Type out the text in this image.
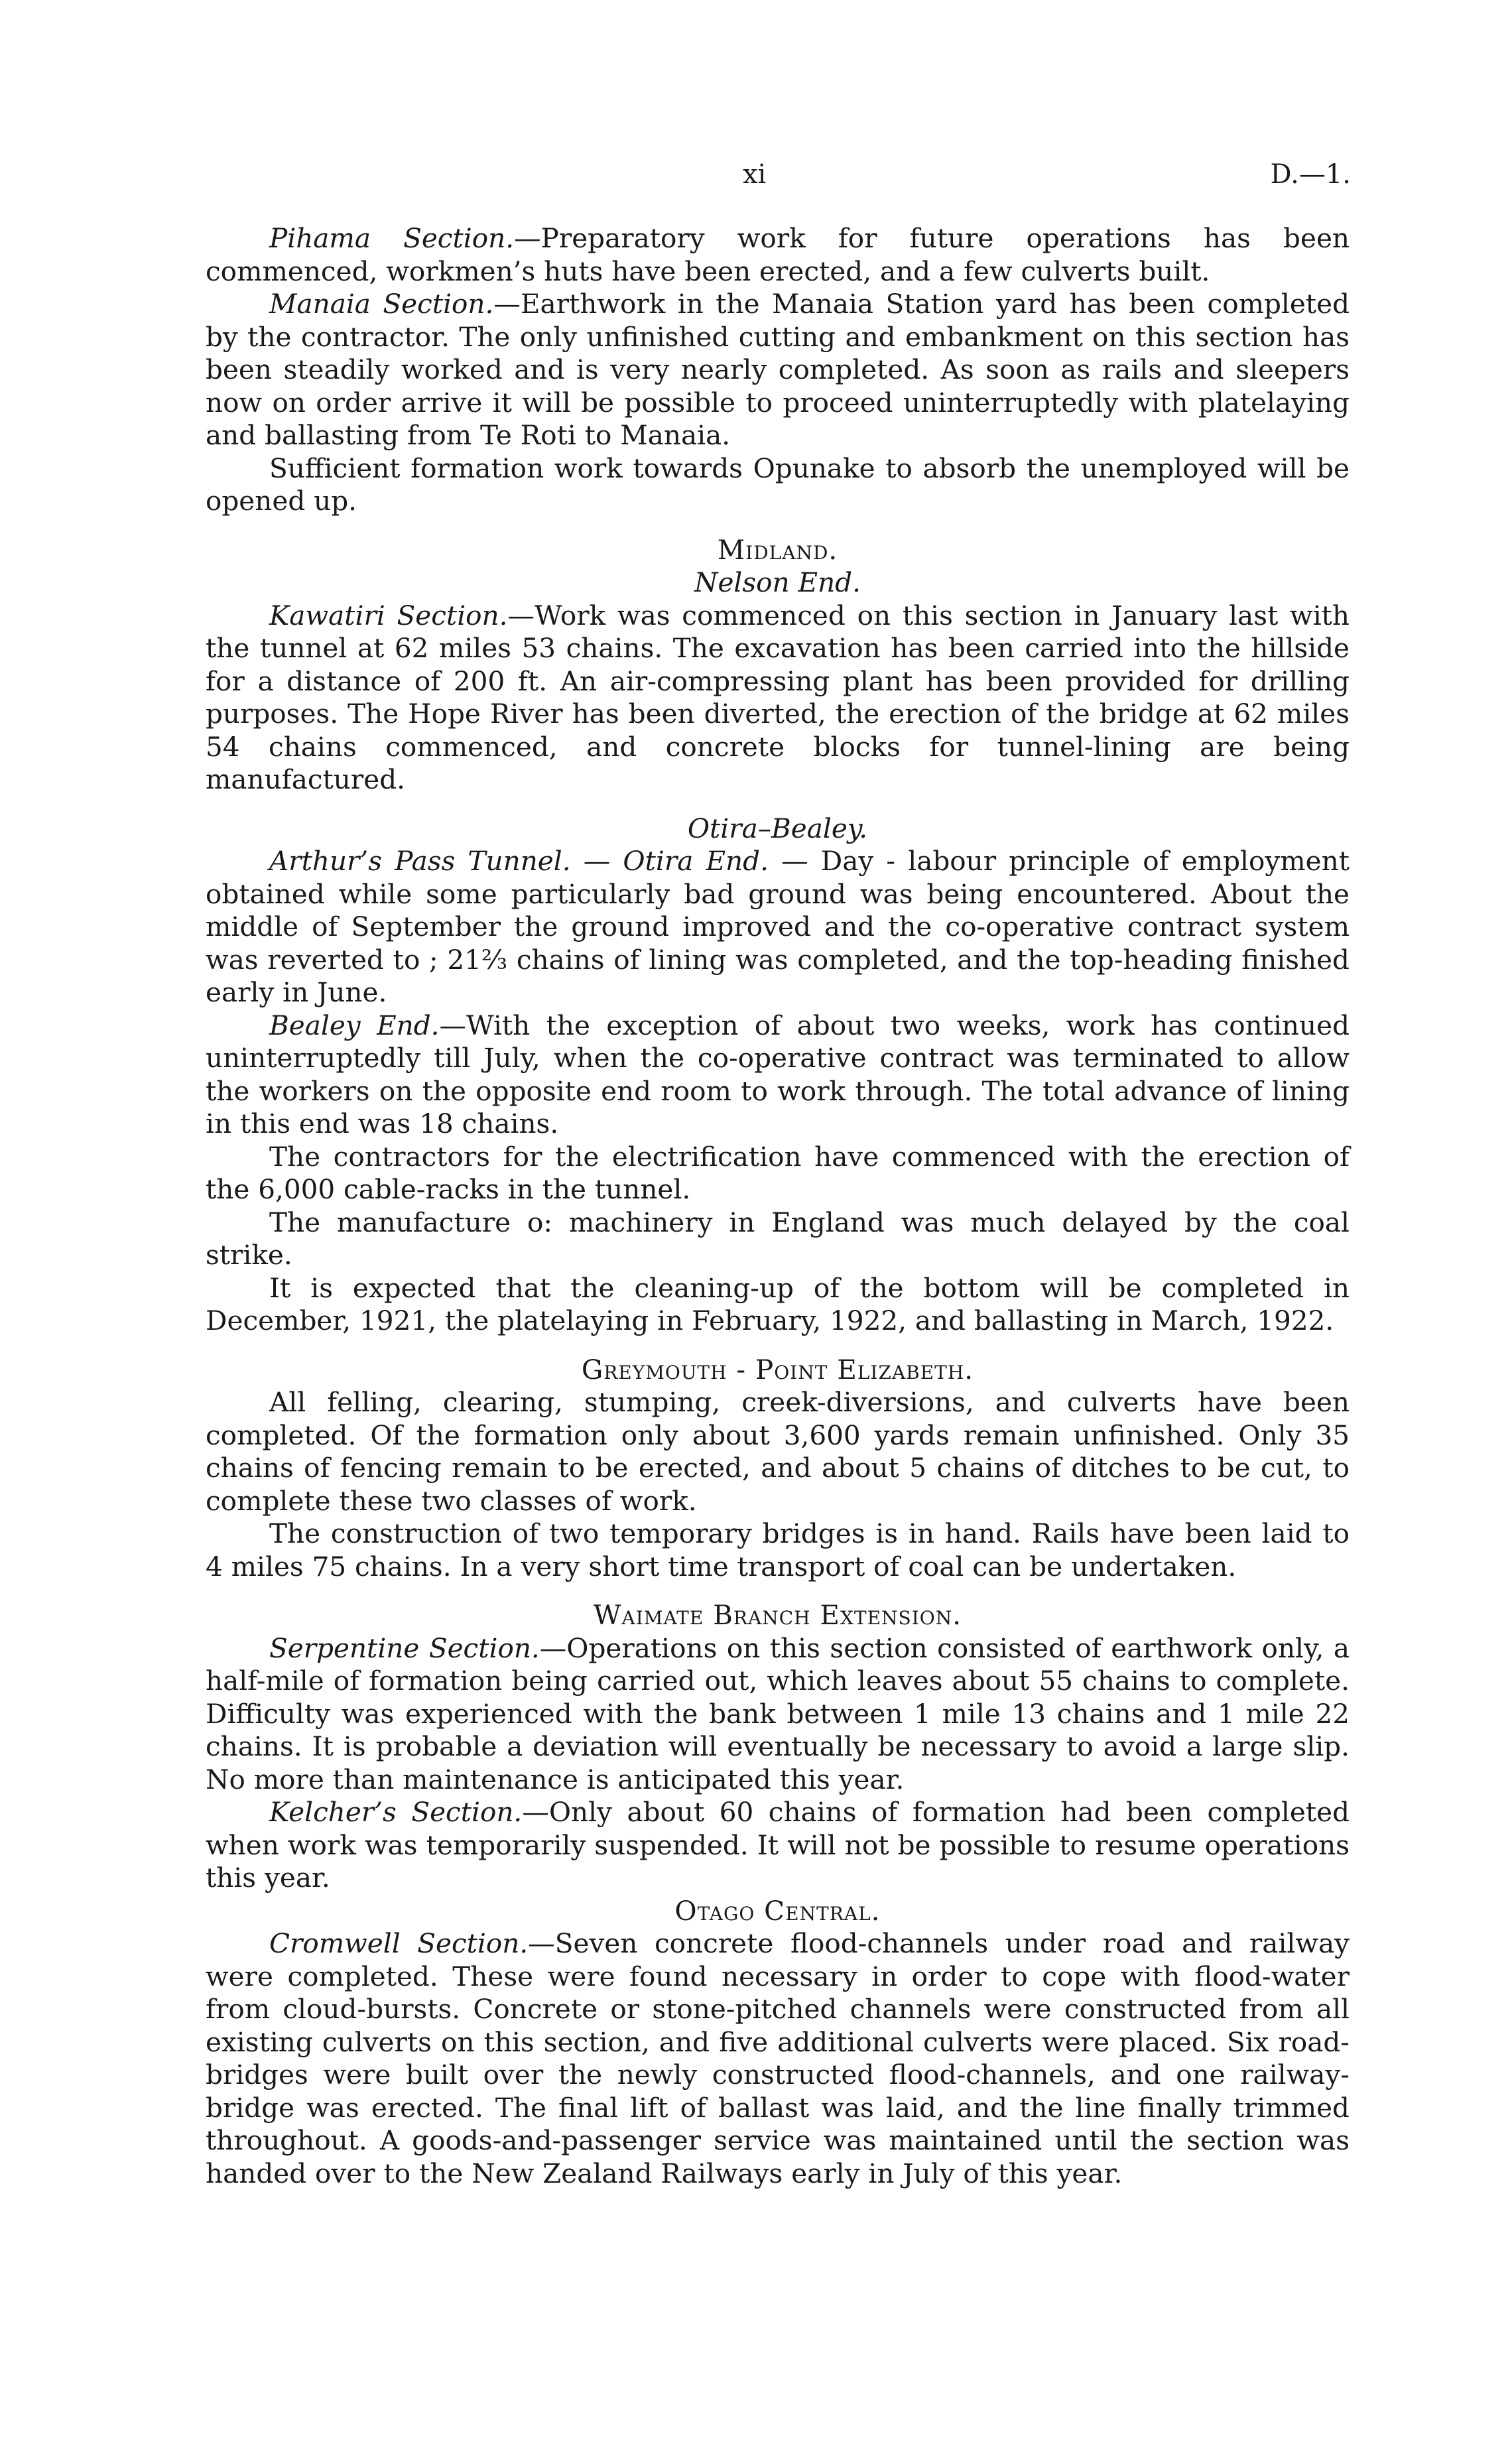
xi	D.—1.

Pihama Section.—Preparatory work for future operations has been commenced, workmen’s huts have been erected, and a few culverts built.

Manaia Section.—Earthwork in the Manaia Station yard has been completed by the contractor. The only unfinished cutting and embankment on this section has been steadily worked and is very nearly completed. As soon as rails and sleepers now on order arrive it will be possible to proceed uninterruptedly with platelaying and ballasting from Te Roti to Manaia.

Sufficient formation work towards Opunake to absorb the unemployed will be opened up.

Midland.
Nelson End.

Kawatiri Section.—Work was commenced on this section in January last with the tunnel at 62 miles 53 chains. The excavation has been carried into the hillside for a distance of 200 ft. An air-compressing plant has been provided for drilling purposes. The Hope River has been diverted, the erection of the bridge at 62 miles 54 chains commenced, and concrete blocks for tunnel-lining are being manufactured.

Otira–Bealey.

Arthur’s Pass Tunnel. — Otira End. — Day - labour principle of employment obtained while some particularly bad ground was being encountered. About the middle of September the ground improved and the co-operative contract system was reverted to ; 21⅔ chains of lining was completed, and the top-heading finished early in June.

Bealey End.—With the exception of about two weeks, work has continued uninterruptedly till July, when the co-operative contract was terminated to allow the workers on the opposite end room to work through. The total advance of lining in this end was 18 chains.

The contractors for the electrification have commenced with the erection of the 6,000 cable-racks in the tunnel.

The manufacture o: machinery in England was much delayed by the coal strike.

It is expected that the cleaning-up of the bottom will be completed in December, 1921, the platelaying in February, 1922, and ballasting in March, 1922.

Greymouth - Point Elizabeth.

All felling, clearing, stumping, creek-diversions, and culverts have been completed. Of the formation only about 3,600 yards remain unfinished. Only 35 chains of fencing remain to be erected, and about 5 chains of ditches to be cut, to complete these two classes of work.

The construction of two temporary bridges is in hand. Rails have been laid to 4 miles 75 chains. In a very short time transport of coal can be undertaken.

Waimate Branch Extension.

Serpentine Section.—Operations on this section consisted of earthwork only, a half-mile of formation being carried out, which leaves about 55 chains to complete. Difficulty was experienced with the bank between 1 mile 13 chains and 1 mile 22 chains. It is probable a deviation will eventually be necessary to avoid a large slip. No more than maintenance is anticipated this year.

Kelcher’s Section.—Only about 60 chains of formation had been completed when work was temporarily suspended. It will not be possible to resume operations this year.

Otago Central.

Cromwell Section.—Seven concrete flood-channels under road and railway were completed. These were found necessary in order to cope with flood-water from cloud-bursts. Concrete or stone-pitched channels were constructed from all existing culverts on this section, and five additional culverts were placed. Six road-bridges were built over the newly constructed flood-channels, and one railway-bridge was erected. The final lift of ballast was laid, and the line finally trimmed throughout. A goods-and-passenger service was maintained until the section was handed over to the New Zealand Railways early in July of this year.
